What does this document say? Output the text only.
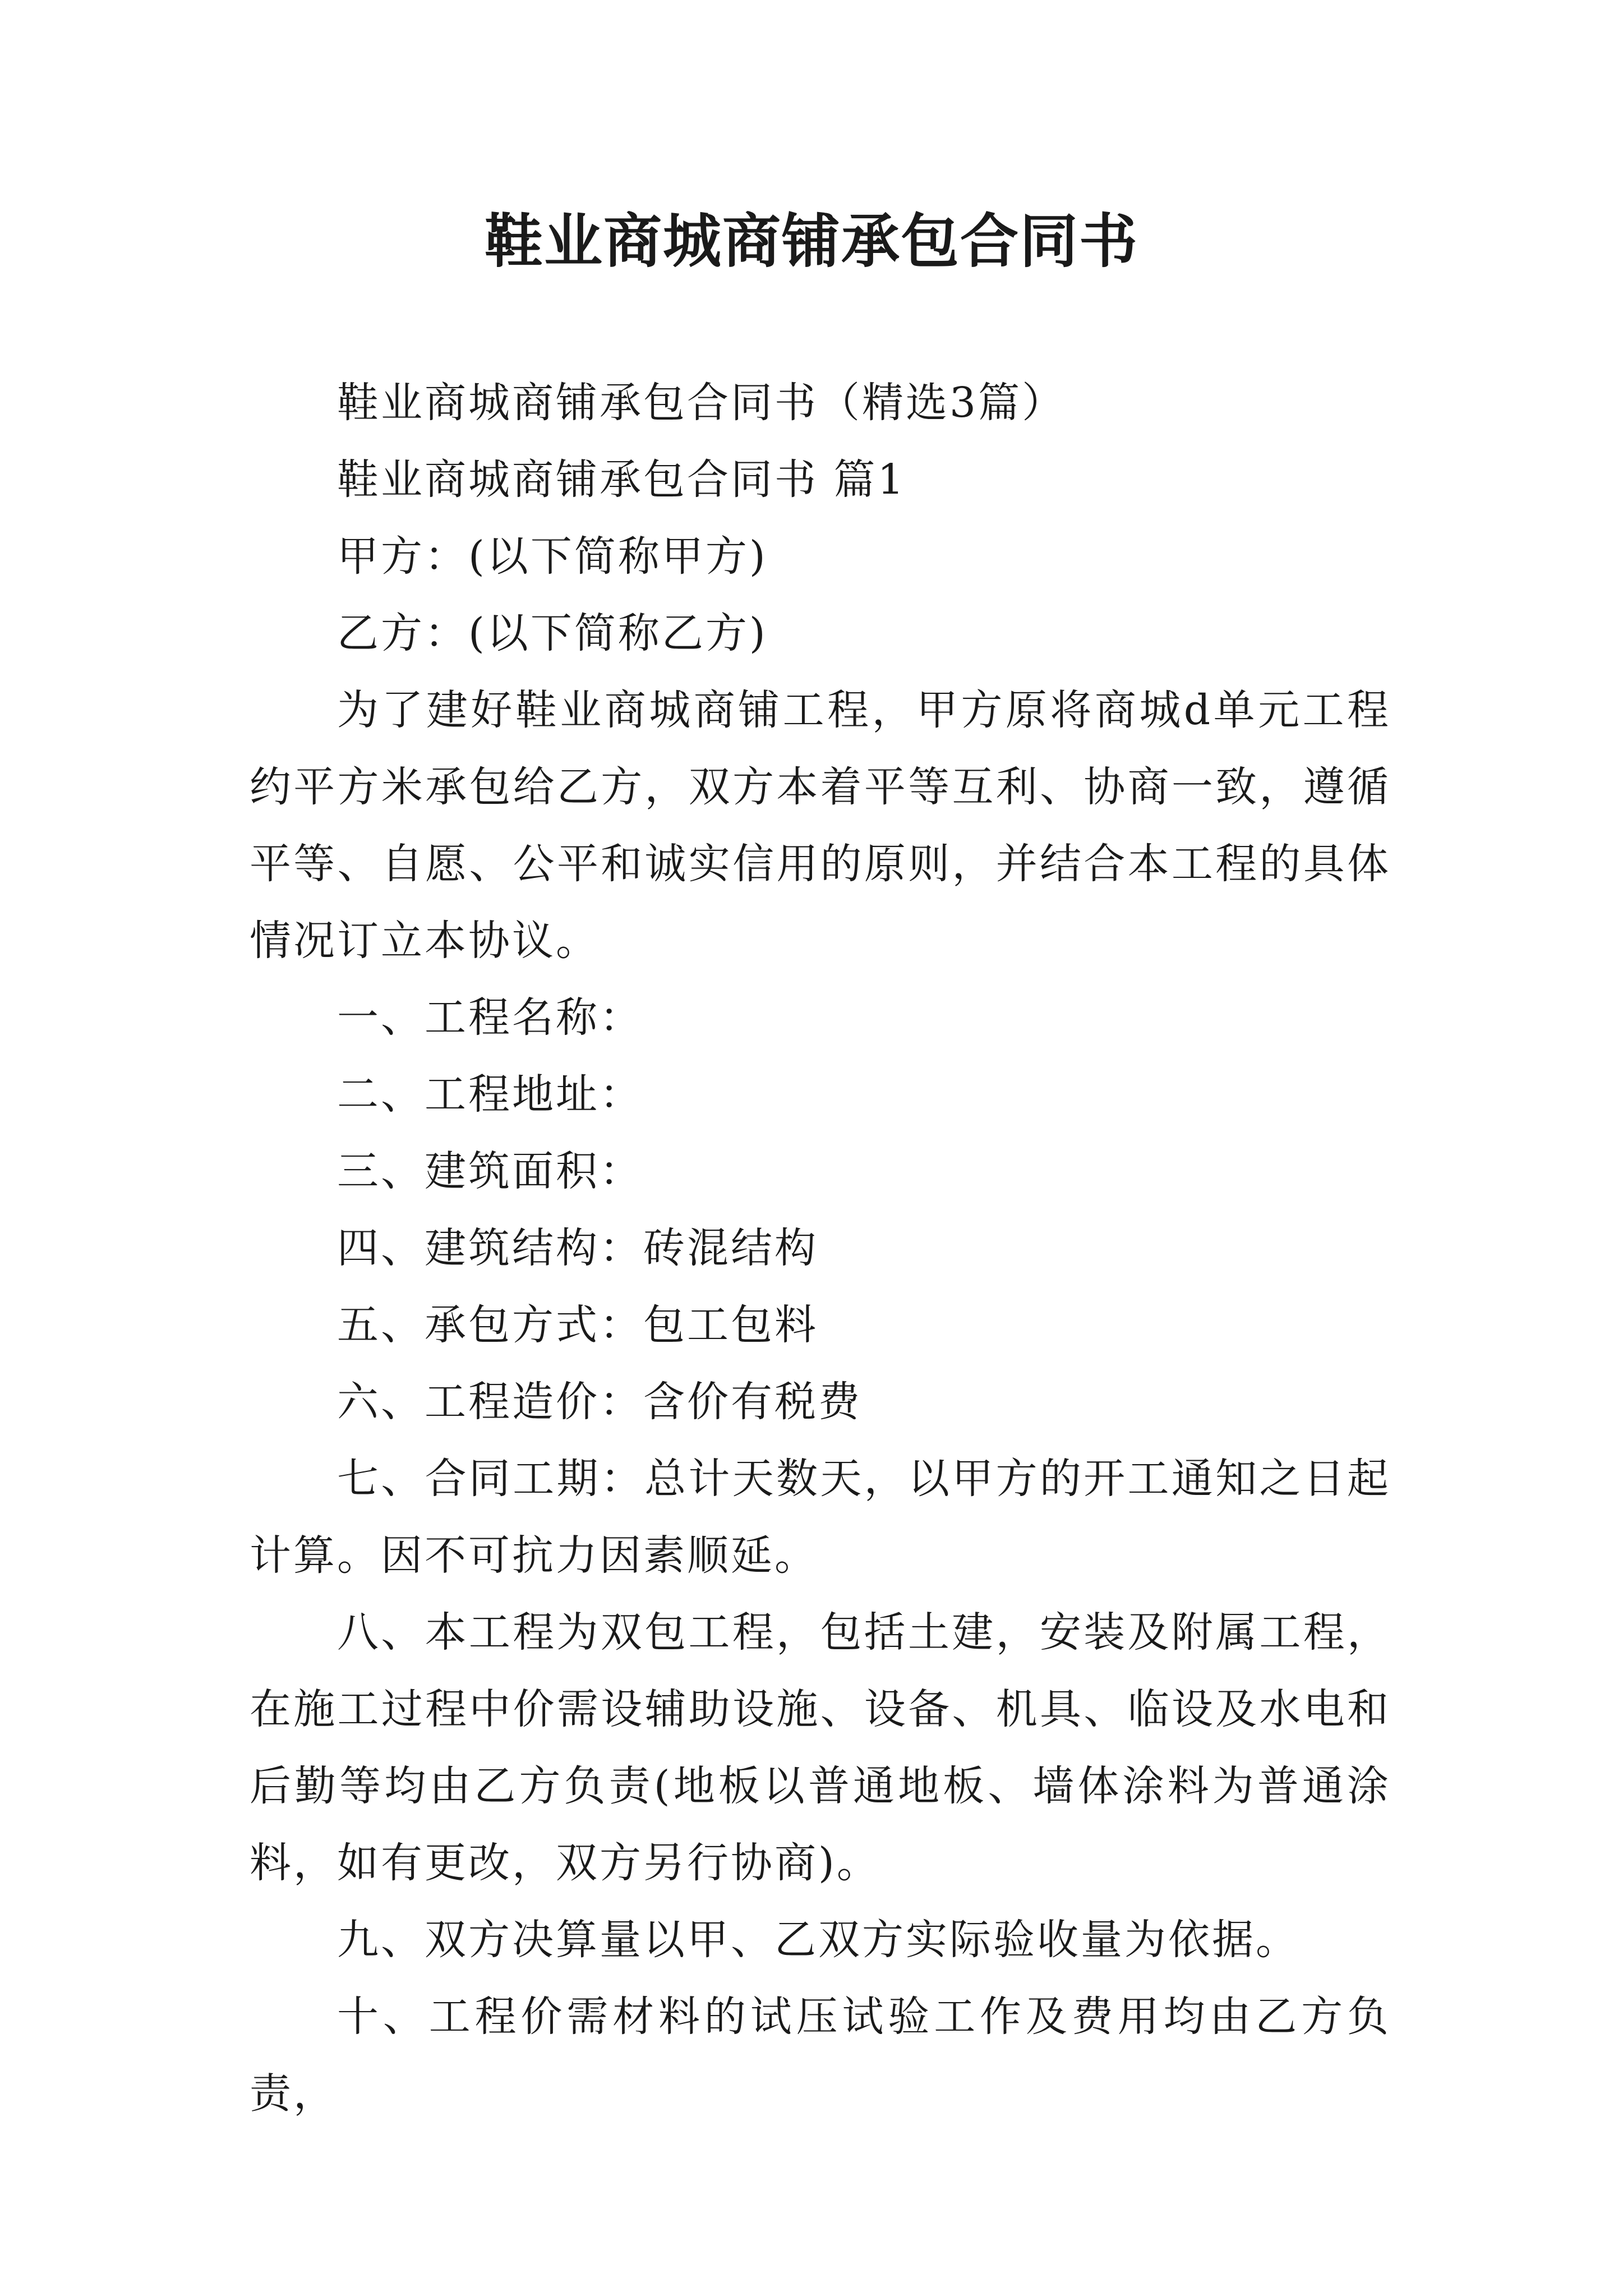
鞋业商城商铺承包合同书

鞋业商城商铺承包合同书（精选3篇）

鞋业商城商铺承包合同书 篇1

甲方：(以下简称甲方)

乙方：(以下简称乙方)

为了建好鞋业商城商铺工程，甲方原将商城d单元工程约平方米承包给乙方，双方本着平等互利、协商一致，遵循平等、自愿、公平和诚实信用的原则，并结合本工程的具体情况订立本协议。

一、工程名称：

二、工程地址：

三、建筑面积：

四、建筑结构：砖混结构

五、承包方式：包工包料

六、工程造价：含价有税费

七、合同工期：总计天数天，以甲方的开工通知之日起计算。因不可抗力因素顺延。

八、本工程为双包工程，包括土建，安装及附属工程，在施工过程中价需设辅助设施、设备、机具、临设及水电和后勤等均由乙方负责(地板以普通地板、墙体涂料为普通涂料，如有更改，双方另行协商)。

九、双方决算量以甲、乙双方实际验收量为依据。

十、工程价需材料的试压试验工作及费用均由乙方负责，
